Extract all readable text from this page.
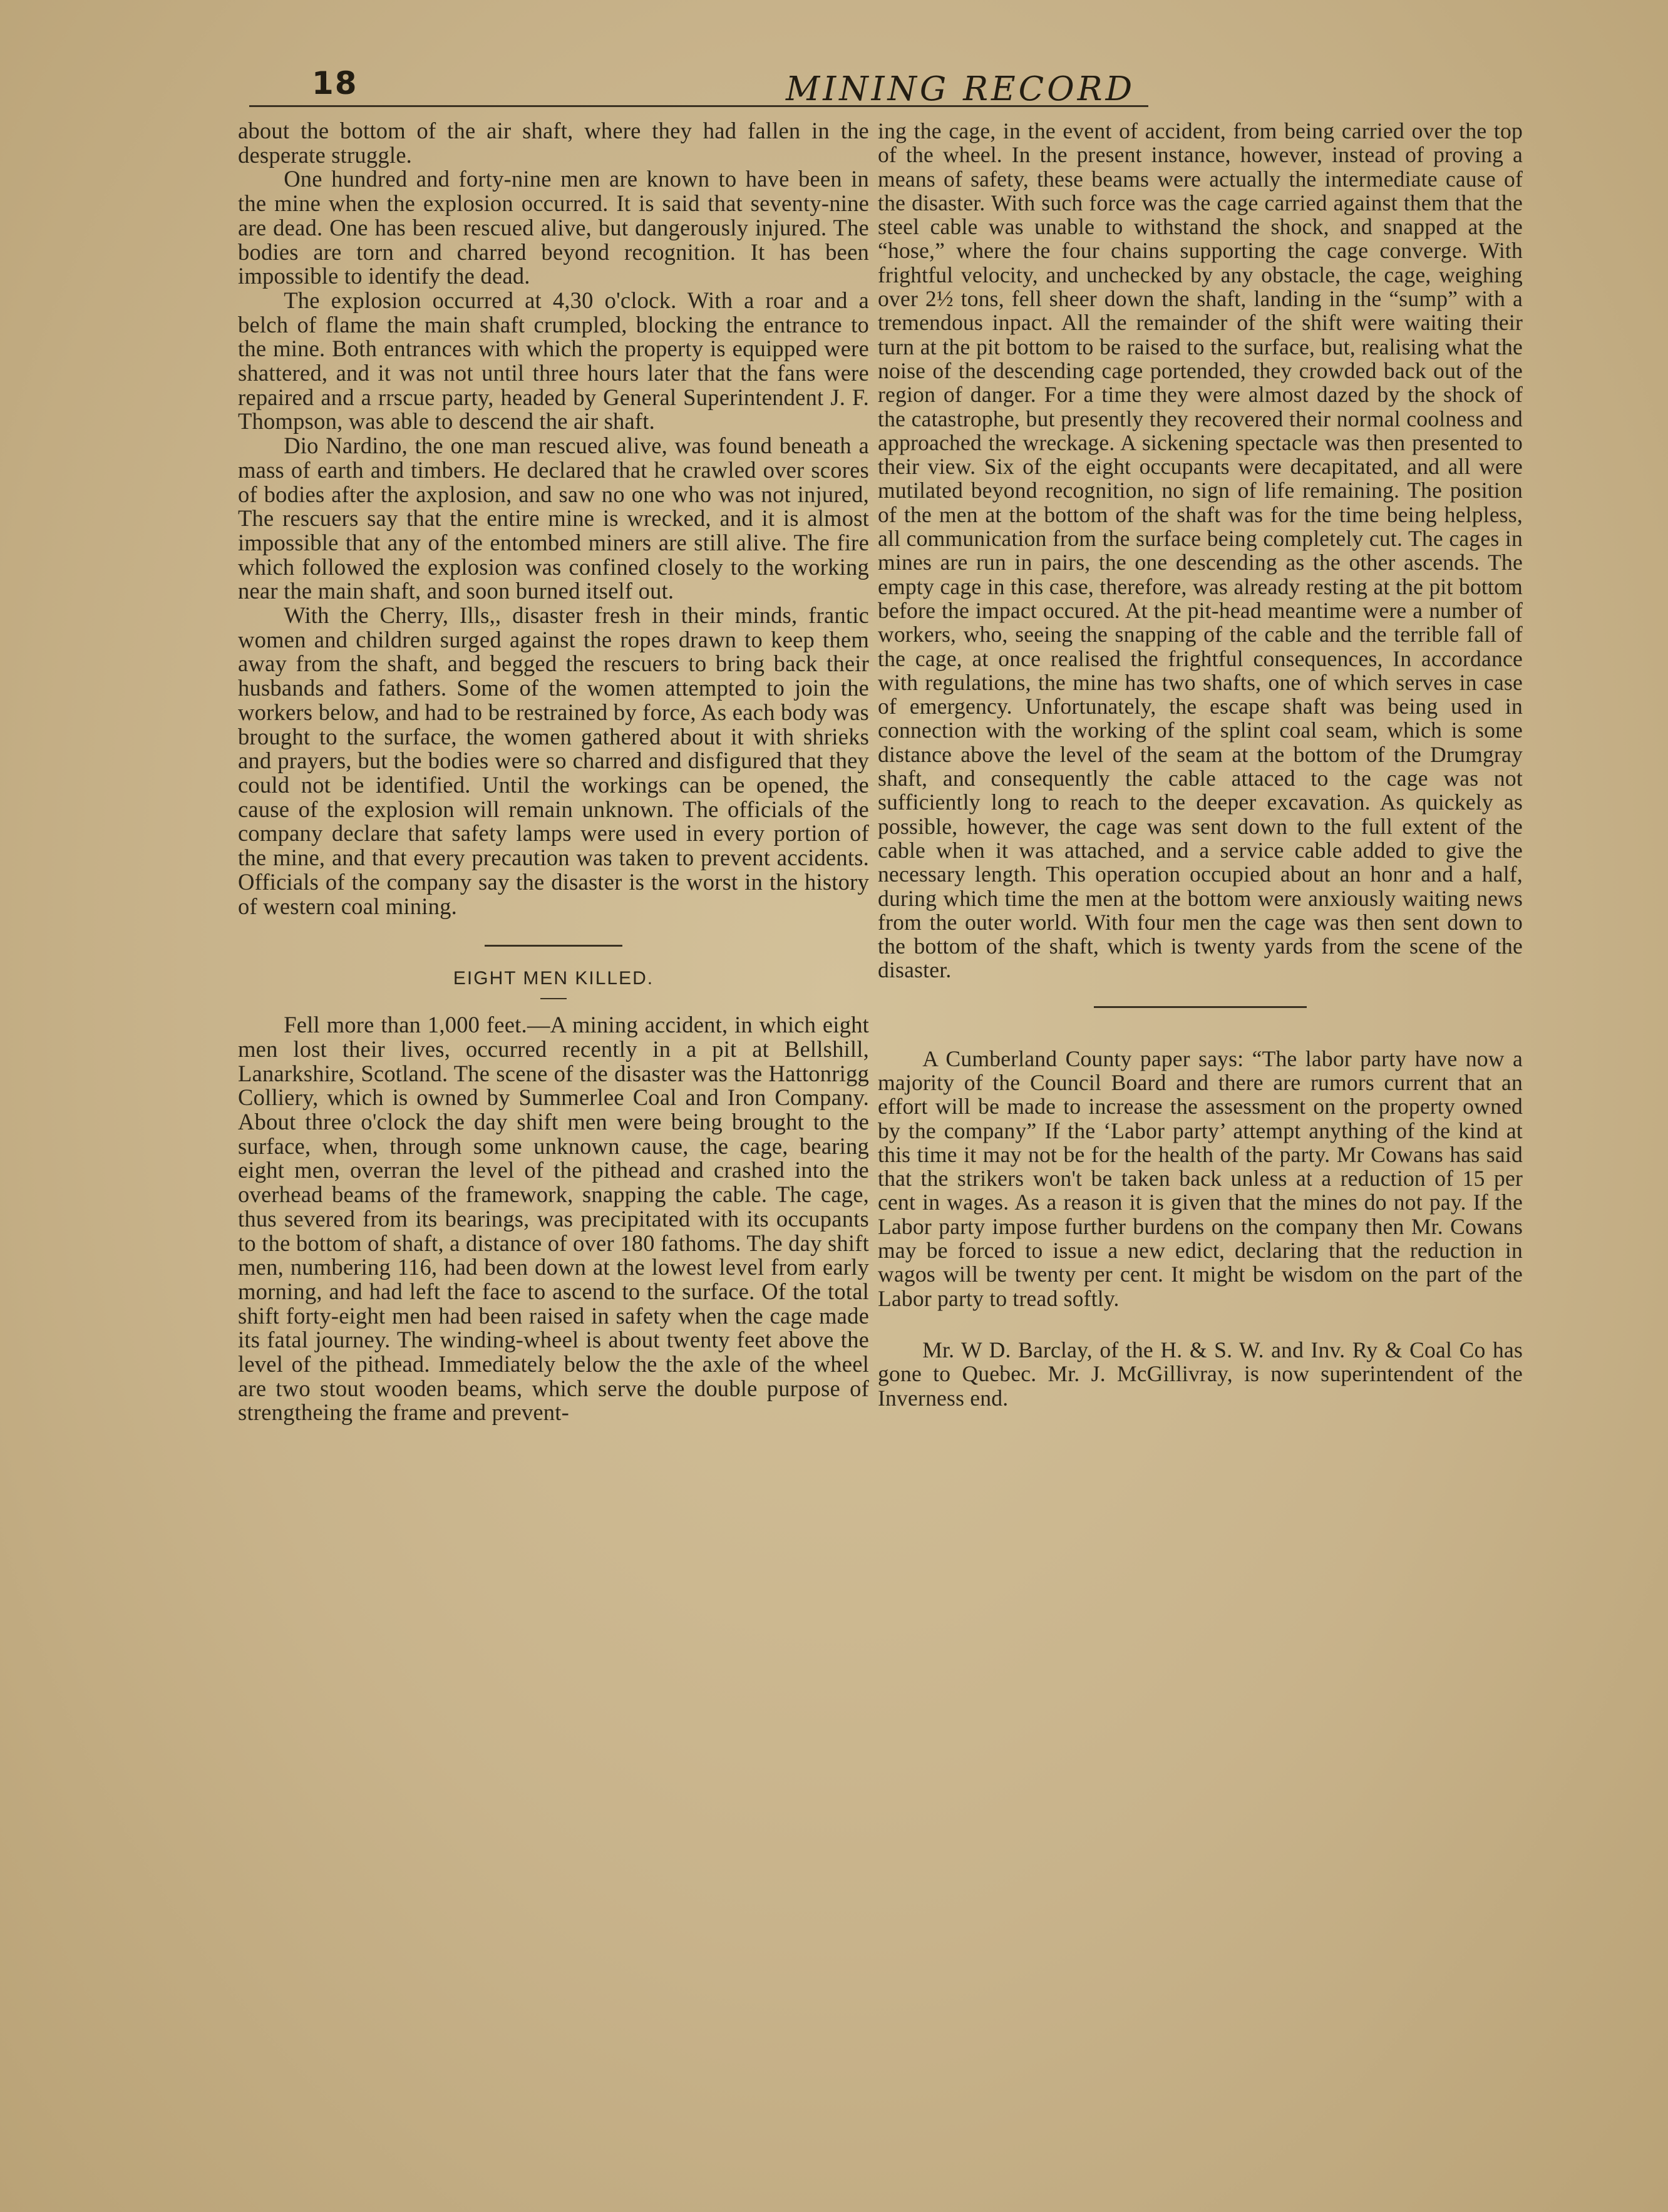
18	MINING RECORD

about the bottom of the air shaft, where they had fallen in the desperate struggle.

One hundred and forty-nine men are known to have been in the mine when the explosion occurred. It is said that seventy-nine are dead. One has been rescued alive, but dangerously injured. The bodies are torn and charred beyond recognition. It has been impossible to identify the dead.

The explosion occurred at 4,30 o'clock. With a roar and a belch of flame the main shaft crumpled, blocking the entrance to the mine. Both entrances with which the property is equipped were shattered, and it was not until three hours later that the fans were repaired and a rrscue party, headed by General Superintendent J. F. Thompson, was able to descend the air shaft.

Dio Nardino, the one man rescued alive, was found beneath a mass of earth and timbers. He declared that he crawled over scores of bodies after the axplosion, and saw no one who was not injured, The rescuers say that the entire mine is wrecked, and it is almost impossible that any of the entombed miners are still alive. The fire which followed the explosion was confined closely to the working near the main shaft, and soon burned itself out.

With the Cherry, Ills,, disaster fresh in their minds, frantic women and children surged against the ropes drawn to keep them away from the shaft, and begged the rescuers to bring back their husbands and fathers. Some of the women attempted to join the workers below, and had to be restrained by force, As each body was brought to the surface, the women gathered about it with shrieks and prayers, but the bodies were so charred and disfigured that they could not be identified. Until the workings can be opened, the cause of the explosion will remain unknown. The officials of the company declare that safety lamps were used in every portion of the mine, and that every precaution was taken to prevent accidents. Officials of the company say the disaster is the worst in the history of western coal mining.

EIGHT MEN KILLED.

Fell more than 1,000 feet.—A mining accident, in which eight men lost their lives, occurred recently in a pit at Bellshill, Lanarkshire, Scotland. The scene of the disaster was the Hattonrigg Colliery, which is owned by Summerlee Coal and Iron Company. About three o'clock the day shift men were being brought to the surface, when, through some unknown cause, the cage, bearing eight men, overran the level of the pithead and crashed into the overhead beams of the framework, snapping the cable. The cage, thus severed from its bearings, was precipitated with its occupants to the bottom of shaft, a distance of over 180 fathoms. The day shift men, numbering 116, had been down at the lowest level from early morning, and had left the face to ascend to the surface. Of the total shift forty-eight men had been raised in safety when the cage made its fatal journey. The winding-wheel is about twenty feet above the level of the pithead. Immediately below the the axle of the wheel are two stout wooden beams, which serve the double purpose of strengtheing the frame and prevent-

ing the cage, in the event of accident, from being carried over the top of the wheel. In the present instance, however, instead of proving a means of safety, these beams were actually the intermediate cause of the disaster. With such force was the cage carried against them that the steel cable was unable to withstand the shock, and snapped at the “hose,” where the four chains supporting the cage converge. With frightful velocity, and unchecked by any obstacle, the cage, weighing over 2½ tons, fell sheer down the shaft, landing in the “sump” with a tremendous inpact. All the remainder of the shift were waiting their turn at the pit bottom to be raised to the surface, but, realising what the noise of the descending cage portended, they crowded back out of the region of danger. For a time they were almost dazed by the shock of the catastrophe, but presently they recovered their normal coolness and approached the wreckage. A sickening spectacle was then presented to their view. Six of the eight occupants were decapitated, and all were mutilated beyond recognition, no sign of life remaining. The position of the men at the bottom of the shaft was for the time being helpless, all communication from the surface being completely cut. The cages in mines are run in pairs, the one descending as the other ascends. The empty cage in this case, therefore, was already resting at the pit bottom before the impact occured. At the pit-head meantime were a number of workers, who, seeing the snapping of the cable and the terrible fall of the cage, at once realised the frightful consequences, In accordance with regulations, the mine has two shafts, one of which serves in case of emergency. Unfortunately, the escape shaft was being used in connection with the working of the splint coal seam, which is some distance above the level of the seam at the bottom of the Drumgray shaft, and consequently the cable attaced to the cage was not sufficiently long to reach to the deeper excavation. As quickely as possible, however, the cage was sent down to the full extent of the cable when it was attached, and a service cable added to give the necessary length. This operation occupied about an honr and a half, during which time the men at the bottom were anxiously waiting news from the outer world. With four men the cage was then sent down to the bottom of the shaft, which is twenty yards from the scene of the disaster.

A Cumberland County paper says: “The labor party have now a majority of the Council Board and there are rumors current that an effort will be made to increase the assessment on the property owned by the company” If the ‘Labor party’ attempt anything of the kind at this time it may not be for the health of the party. Mr Cowans has said that the strikers won't be taken back unless at a reduction of 15 per cent in wages. As a reason it is given that the mines do not pay. If the Labor party impose further burdens on the company then Mr. Cowans may be forced to issue a new edict, declaring that the reduction in wagos will be twenty per cent. It might be wisdom on the part of the Labor party to tread softly.

Mr. W D. Barclay, of the H. & S. W. and Inv. Ry & Coal Co has gone to Quebec. Mr. J. McGillivray, is now superintendent of the Inverness end.
